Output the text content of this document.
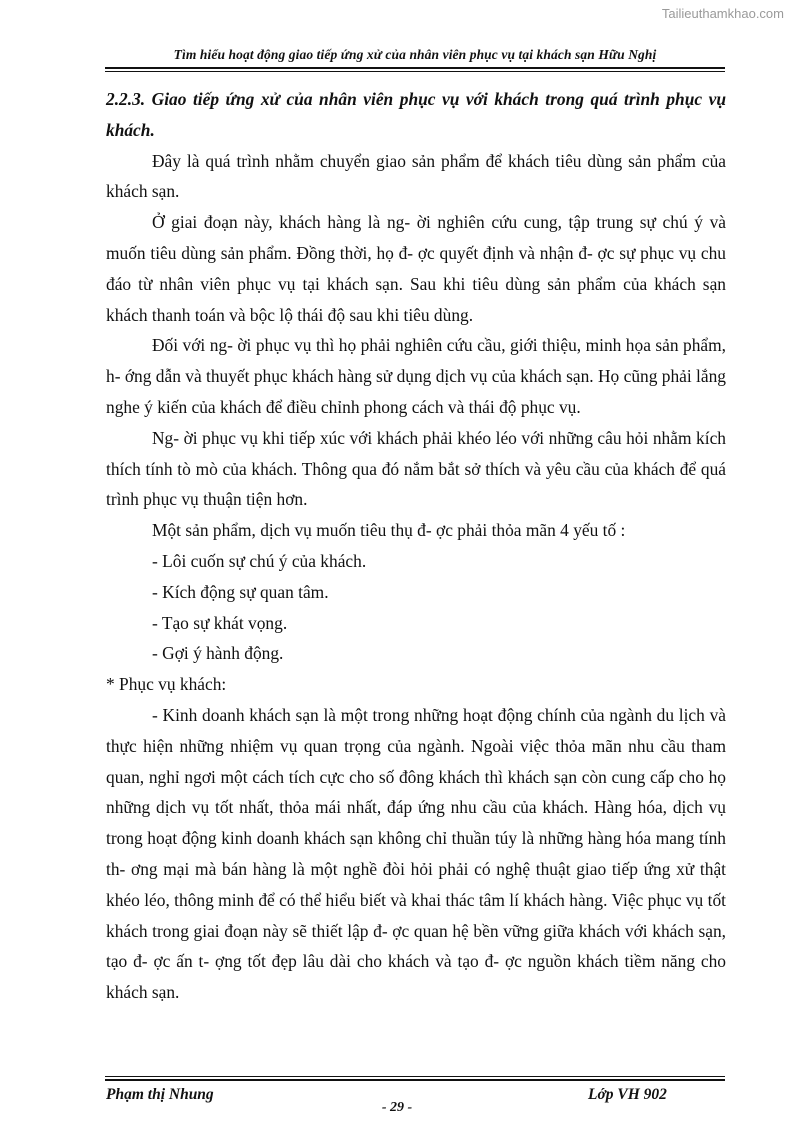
Tailieuthamkhao.com
Tìm hiểu hoạt động giao tiếp ứng xử của nhân viên phục vụ tại khách sạn Hữu Nghị

2.2.3. Giao tiếp ứng xử của nhân viên phục vụ với khách trong quá trình phục vụ khách.

Đây là quá trình nhằm chuyển giao sản phẩm để khách tiêu dùng sản phẩm của khách sạn.

Ở giai đoạn này, khách hàng là ng- ời nghiên cứu cung, tập trung sự chú ý và muốn tiêu dùng sản phẩm. Đồng thời, họ đ- ợc quyết định và nhận đ- ợc sự phục vụ chu đáo từ nhân viên phục vụ tại khách sạn. Sau khi tiêu dùng sản phẩm của khách sạn khách thanh toán và bộc lộ thái độ sau khi tiêu dùng.

Đối với ng- ời phục vụ thì họ phải nghiên cứu cầu, giới thiệu, minh họa sản phẩm, h- ớng dẫn và thuyết phục khách hàng sử dụng dịch vụ của khách sạn. Họ cũng phải lắng nghe ý kiến của khách để điều chỉnh phong cách và thái độ phục vụ.

Ng- ời phục vụ khi tiếp xúc với khách phải khéo léo với những câu hỏi nhằm kích thích tính tò mò của khách. Thông qua đó nắm bắt sở thích và yêu cầu của khách để quá trình phục vụ thuận tiện hơn.

Một sản phẩm, dịch vụ muốn tiêu thụ đ- ợc phải thỏa mãn 4 yếu tố :

- Lôi cuốn sự chú ý của khách.

- Kích động sự quan tâm.

- Tạo sự khát vọng.

- Gợi ý hành động.

* Phục vụ khách:

- Kinh doanh khách sạn là một trong những hoạt động chính của ngành du lịch và thực hiện những nhiệm vụ quan trọng của ngành. Ngoài việc thỏa mãn nhu cầu tham quan, nghỉ ngơi một cách tích cực cho số đông khách thì khách sạn còn cung cấp cho họ những dịch vụ tốt nhất, thỏa mái nhất, đáp ứng nhu cầu của khách. Hàng hóa, dịch vụ trong hoạt động kinh doanh khách sạn không chỉ thuần túy là những hàng hóa mang tính th- ơng mại mà bán hàng là một nghề đòi hỏi phải có nghệ thuật giao tiếp ứng xử thật khéo léo, thông minh để có thể hiểu biết và khai thác tâm lí khách hàng. Việc phục vụ tốt khách trong giai đoạn này sẽ thiết lập đ- ợc quan hệ bền vững giữa khách với khách sạn, tạo đ- ợc ấn t- ợng tốt đẹp lâu dài cho khách và tạo đ- ợc nguồn khách tiềm năng cho khách sạn.

Phạm thị Nhung	Lớp VH 902
- 29 -
